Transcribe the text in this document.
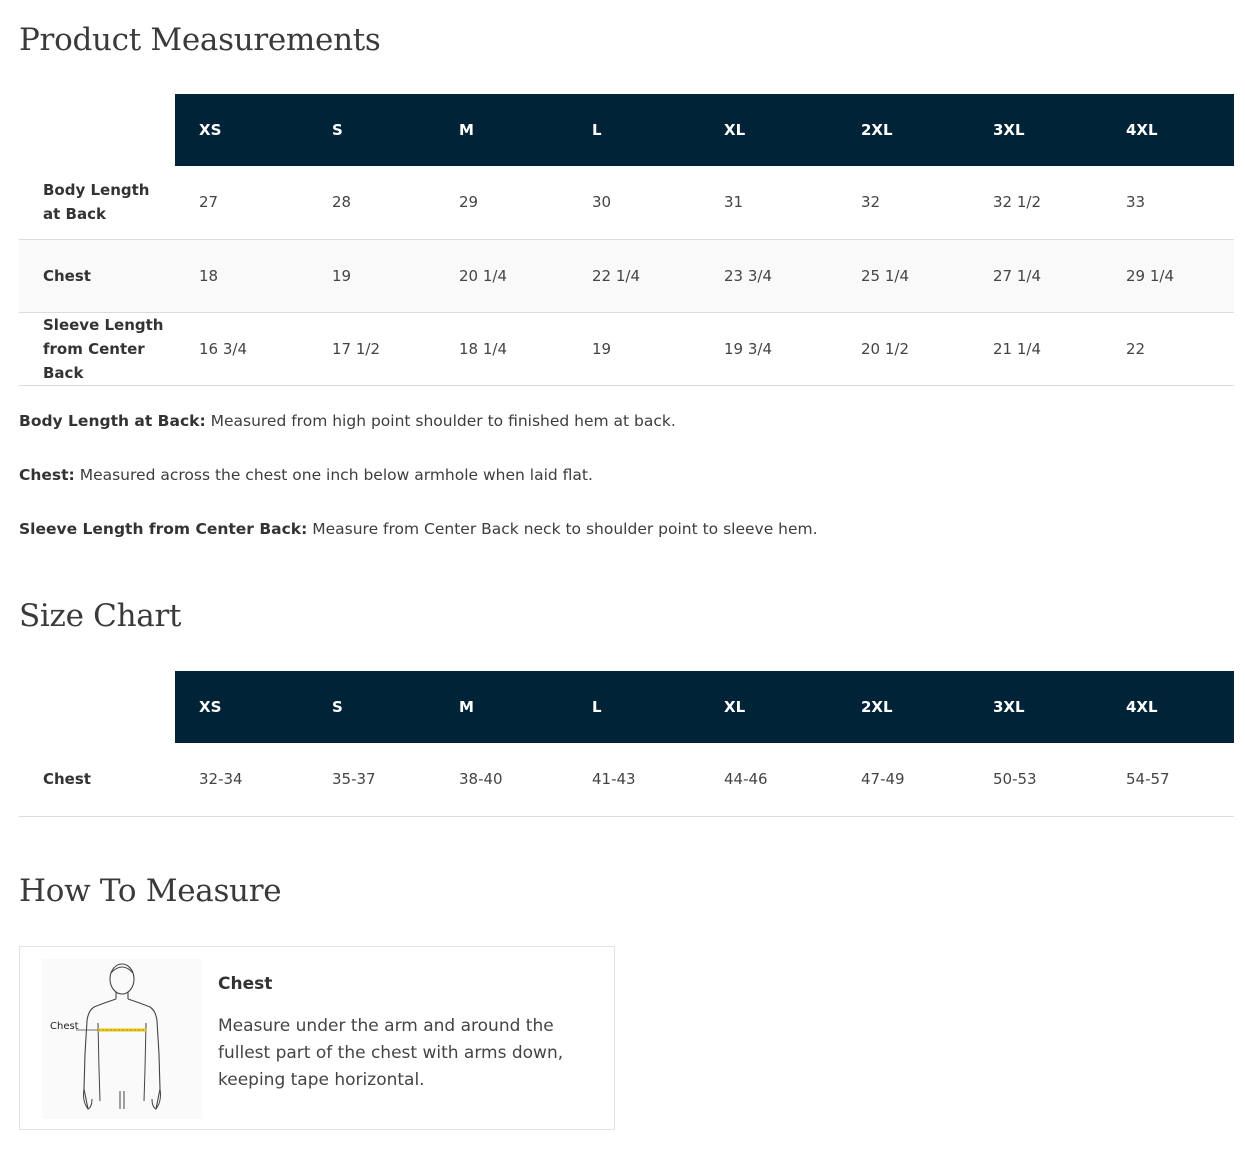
Product Measurements
	XS	S	M	L	XL	2XL	3XL	4XL
Body Length at Back	27	28	29	30	31	32	32 1/2	33
Chest	18	19	20 1/4	22 1/4	23 3/4	25 1/4	27 1/4	29 1/4
Sleeve Length from Center Back	16 3/4	17 1/2	18 1/4	19	19 3/4	20 1/2	21 1/4	22

Body Length at Back: Measured from high point shoulder to finished hem at back.

Chest: Measured across the chest one inch below armhole when laid flat.

Sleeve Length from Center Back: Measure from Center Back neck to shoulder point to sleeve hem.

Size Chart
	XS	S	M	L	XL	2XL	3XL	4XL
Chest	32-34	35-37	38-40	41-43	44-46	47-49	50-53	54-57
How To Measure
Chest
Chest
Measure under the arm and around the fullest part of the chest with arms down, keeping tape horizontal.
